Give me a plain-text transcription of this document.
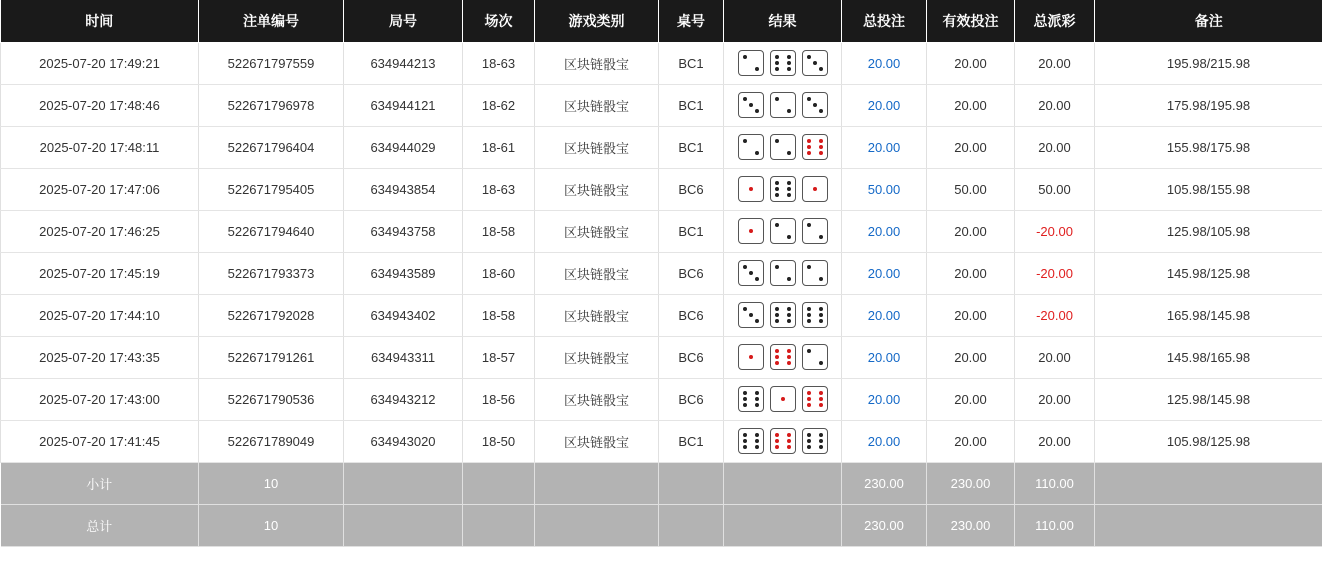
时间	注单编号	局号	场次	游戏类别	桌号	结果	总投注	有效投注	总派彩	备注
2025-07-20 17:49:21	522671797559	634944213	18-63	区块链骰宝	BC1		20.00	20.00	20.00	195.98/215.98
2025-07-20 17:48:46	522671796978	634944121	18-62	区块链骰宝	BC1		20.00	20.00	20.00	175.98/195.98
2025-07-20 17:48:11	522671796404	634944029	18-61	区块链骰宝	BC1		20.00	20.00	20.00	155.98/175.98
2025-07-20 17:47:06	522671795405	634943854	18-63	区块链骰宝	BC6		50.00	50.00	50.00	105.98/155.98
2025-07-20 17:46:25	522671794640	634943758	18-58	区块链骰宝	BC1		20.00	20.00	-20.00	125.98/105.98
2025-07-20 17:45:19	522671793373	634943589	18-60	区块链骰宝	BC6		20.00	20.00	-20.00	145.98/125.98
2025-07-20 17:44:10	522671792028	634943402	18-58	区块链骰宝	BC6		20.00	20.00	-20.00	165.98/145.98
2025-07-20 17:43:35	522671791261	634943311	18-57	区块链骰宝	BC6		20.00	20.00	20.00	145.98/165.98
2025-07-20 17:43:00	522671790536	634943212	18-56	区块链骰宝	BC6		20.00	20.00	20.00	125.98/145.98
2025-07-20 17:41:45	522671789049	634943020	18-50	区块链骰宝	BC1		20.00	20.00	20.00	105.98/125.98
小计	10						230.00	230.00	110.00	
总计	10						230.00	230.00	110.00	
